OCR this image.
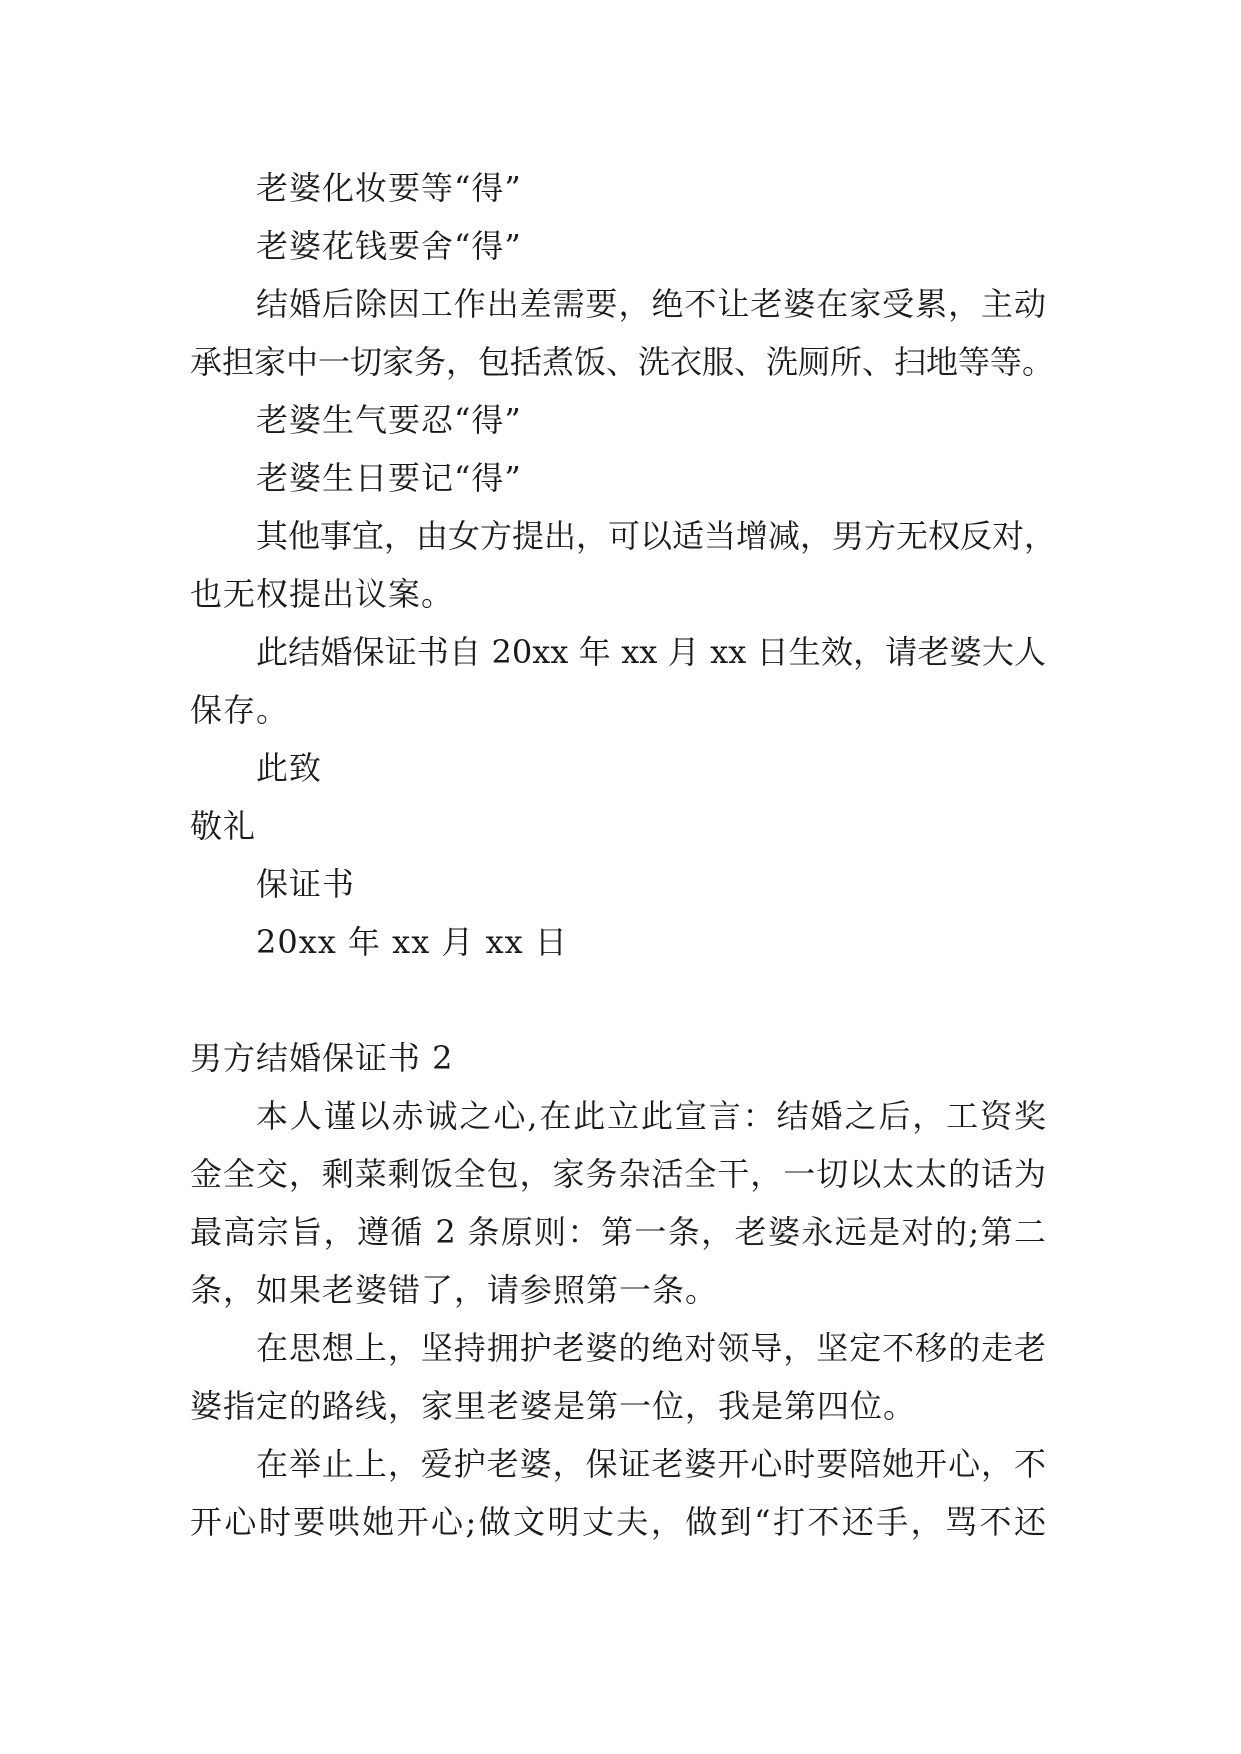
老婆化妆要等“得”
老婆花钱要舍“得”
结婚后除因工作出差需要，绝不让老婆在家受累，主动
承担家中一切家务，包括煮饭、洗衣服、洗厕所、扫地等等。
老婆生气要忍“得”
老婆生日要记“得”
其他事宜，由女方提出，可以适当增减，男方无权反对，
也无权提出议案。
此结婚保证书自 20xx 年 xx 月 xx 日生效，请老婆大人
保存。
此致
敬礼
保证书
20xx 年 xx 月 xx 日
男方结婚保证书 2
本人谨以赤诚之心,在此立此宣言：结婚之后，工资奖
金全交，剩菜剩饭全包，家务杂活全干，一切以太太的话为
最高宗旨，遵循 2 条原则：第一条，老婆永远是对的;第二
条，如果老婆错了，请参照第一条。
在思想上，坚持拥护老婆的绝对领导，坚定不移的走老
婆指定的路线，家里老婆是第一位，我是第四位。
在举止上，爱护老婆，保证老婆开心时要陪她开心，不
开心时要哄她开心;做文明丈夫，做到“打不还手，骂不还
